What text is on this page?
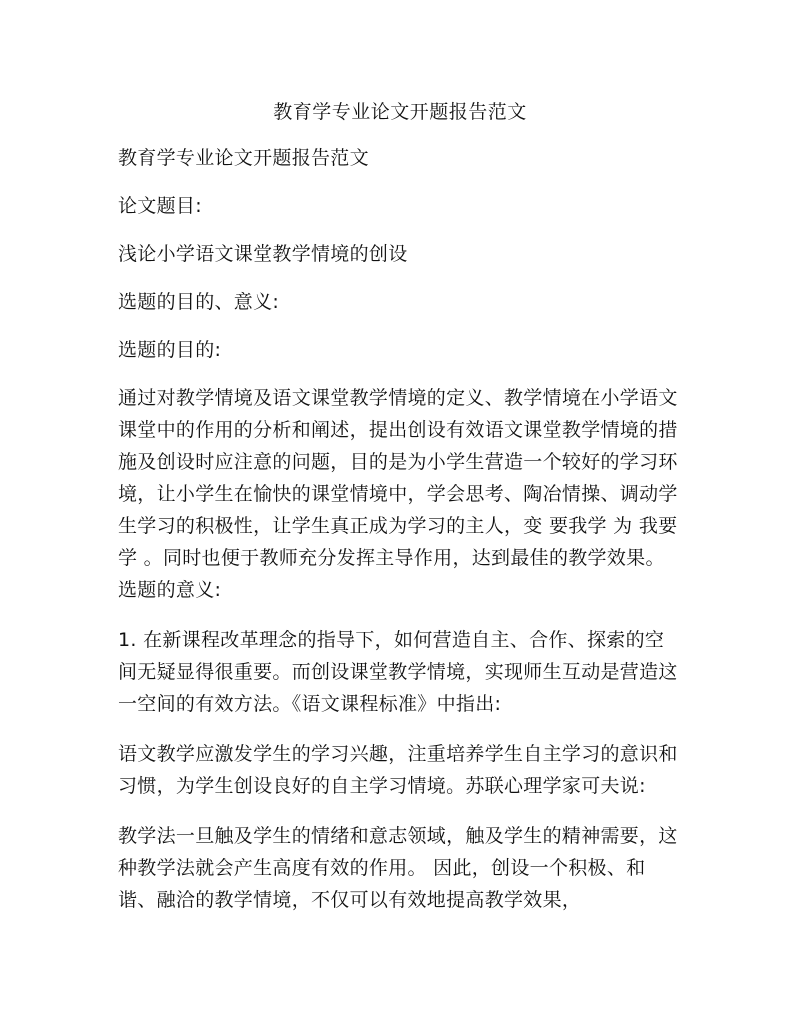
教育学专业论文开题报告范文

教育学专业论文开题报告范文

论文题目:

浅论小学语文课堂教学情境的创设

选题的目的、意义:

选题的目的:

通过对教学情境及语文课堂教学情境的定义、教学情境在小学语文课堂中的作用的分析和阐述，提出创设有效语文课堂教学情境的措施及创设时应注意的问题，目的是为小学生营造一个较好的学习环境，让小学生在愉快的课堂情境中，学会思考、陶冶情操、调动学生学习的积极性，让学生真正成为学习的主人，变 要我学 为 我要学 。同时也便于教师充分发挥主导作用，达到最佳的教学效果。 选题的意义:

1. 在新课程改革理念的指导下，如何营造自主、合作、探索的空间无疑显得很重要。而创设课堂教学情境，实现师生互动是营造这一空间的有效方法。《语文课程标准》中指出:

语文教学应激发学生的学习兴趣，注重培养学生自主学习的意识和习惯，为学生创设良好的自主学习情境。苏联心理学家可夫说:

教学法一旦触及学生的情绪和意志领域，触及学生的精神需要，这种教学法就会产生高度有效的作用。 因此，创设一个积极、和谐、融洽的教学情境，不仅可以有效地提高教学效果，
